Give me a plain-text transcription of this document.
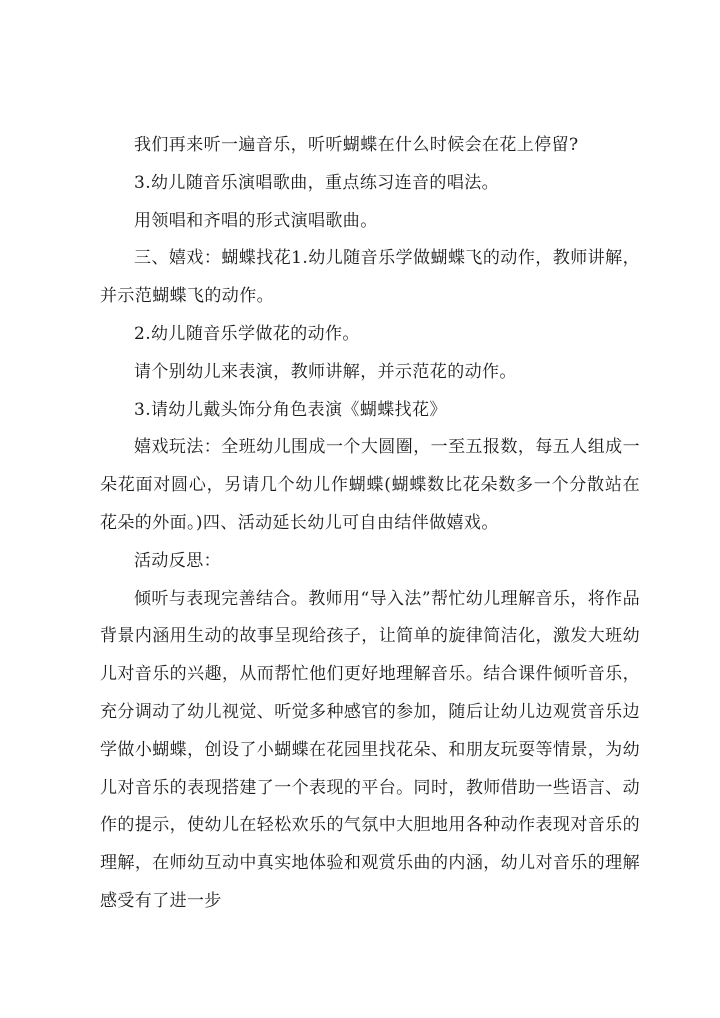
我们再来听一遍音乐，听听蝴蝶在什么时候会在花上停留?

3.幼儿随音乐演唱歌曲，重点练习连音的唱法。

用领唱和齐唱的形式演唱歌曲。

三、嬉戏：蝴蝶找花1.幼儿随音乐学做蝴蝶飞的动作，教师讲解，并示范蝴蝶飞的动作。

2.幼儿随音乐学做花的动作。

请个别幼儿来表演，教师讲解，并示范花的动作。

3.请幼儿戴头饰分角色表演《蝴蝶找花》

嬉戏玩法：全班幼儿围成一个大圆圈，一至五报数，每五人组成一朵花面对圆心，另请几个幼儿作蝴蝶(蝴蝶数比花朵数多一个分散站在花朵的外面。)四、活动延长幼儿可自由结伴做嬉戏。

活动反思：

倾听与表现完善结合。教师用“导入法”帮忙幼儿理解音乐，将作品背景内涵用生动的故事呈现给孩子，让简单的旋律简洁化，激发大班幼儿对音乐的兴趣，从而帮忙他们更好地理解音乐。结合课件倾听音乐，充分调动了幼儿视觉、听觉多种感官的参加，随后让幼儿边观赏音乐边学做小蝴蝶，创设了小蝴蝶在花园里找花朵、和朋友玩耍等情景，为幼儿对音乐的表现搭建了一个表现的平台。同时，教师借助一些语言、动作的提示，使幼儿在轻松欢乐的气氛中大胆地用各种动作表现对音乐的理解，在师幼互动中真实地体验和观赏乐曲的内涵，幼儿对音乐的理解感受有了进一步
